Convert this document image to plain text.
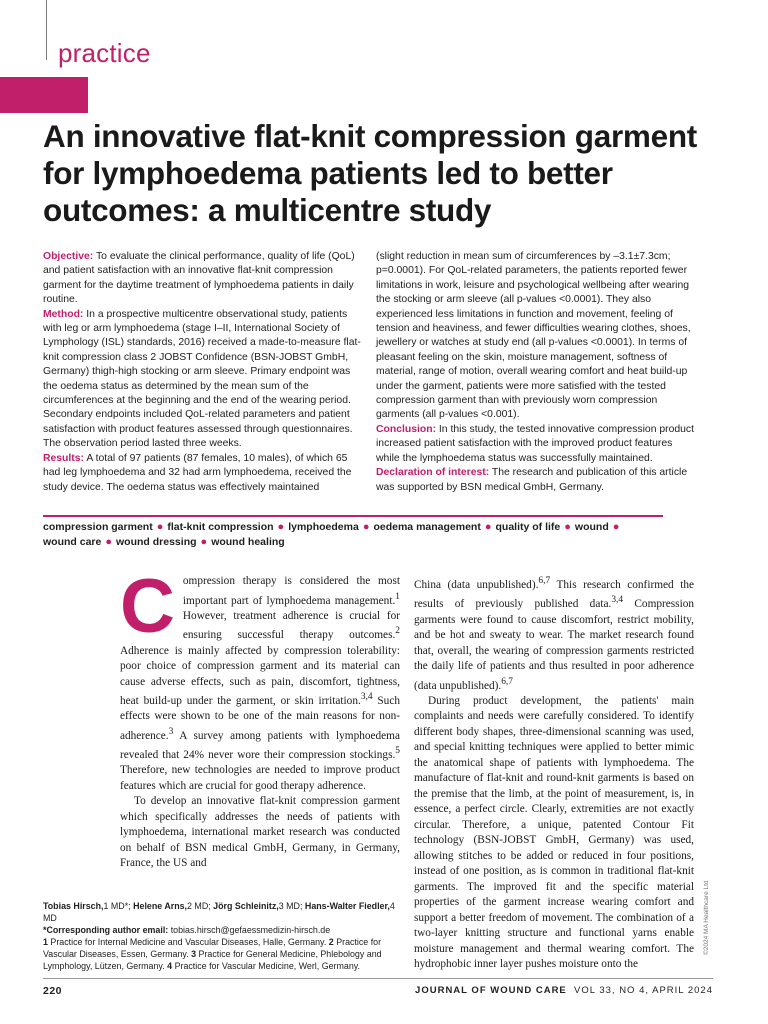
practice
An innovative flat-knit compression garment for lymphoedema patients led to better outcomes: a multicentre study

Objective: To evaluate the clinical performance, quality of life (QoL) and patient satisfaction with an innovative flat-knit compression garment for the daytime treatment of lymphoedema patients in daily routine.

Method: In a prospective multicentre observational study, patients with leg or arm lymphoedema (stage I–II, International Society of Lymphology (ISL) standards, 2016) received a made-to-measure flat-knit compression class 2 JOBST Confidence (BSN-JOBST GmbH, Germany) thigh-high stocking or arm sleeve. Primary endpoint was the oedema status as determined by the mean sum of the circumferences at the beginning and the end of the wearing period. Secondary endpoints included QoL-related parameters and patient satisfaction with product features assessed through questionnaires. The observation period lasted three weeks.

Results: A total of 97 patients (87 females, 10 males), of which 65 had leg lymphoedema and 32 had arm lymphoedema, received the study device. The oedema status was effectively maintained

(slight reduction in mean sum of circumferences by –3.1±7.3cm; p=0.0001). For QoL-related parameters, the patients reported fewer limitations in work, leisure and psychological wellbeing after wearing the stocking or arm sleeve (all p-values <0.0001). They also experienced less limitations in function and movement, feeling of tension and heaviness, and fewer difficulties wearing clothes, shoes, jewellery or watches at study end (all p-values <0.0001). In terms of pleasant feeling on the skin, moisture management, softness of material, range of motion, overall wearing comfort and heat build-up under the garment, patients were more satisfied with the tested compression garment than with previously worn compression garments (all p-values <0.001).

Conclusion: In this study, the tested innovative compression product increased patient satisfaction with the improved product features while the lymphoedema status was successfully maintained.

Declaration of interest: The research and publication of this article was supported by BSN medical GmbH, Germany.

compression garment ● flat-knit compression ● lymphoedema ● oedema management ● quality of life ● wound ●
wound care ● wound dressing ● wound healing

Compression therapy is considered the most important part of lymphoedema management.$^1$ However, treatment adherence is crucial for ensuring successful therapy outcomes.$^2$ Adherence is mainly affected by compression tolerability: poor choice of compression garment and its material can cause adverse effects, such as pain, discomfort, tightness, heat build-up under the garment, or skin irritation.$^{3,4}$ Such effects were shown to be one of the main reasons for non-adherence.$^3$ A survey among patients with lymphoedema revealed that 24% never wore their compression stockings.$^5$ Therefore, new technologies are needed to improve product features which are crucial for good therapy adherence.

To develop an innovative flat-knit compression garment which specifically addresses the needs of patients with lymphoedema, international market research was conducted on behalf of BSN medical GmbH, Germany, in Germany, France, the US and

China (data unpublished).$^{6,7}$ This research confirmed the results of previously published data.$^{3,4}$ Compression garments were found to cause discomfort, restrict mobility, and be hot and sweaty to wear. The market research found that, overall, the wearing of compression garments restricted the daily life of patients and thus resulted in poor adherence (data unpublished).$^{6,7}$

During product development, the patients' main complaints and needs were carefully considered. To identify different body shapes, three-dimensional scanning was used, and special knitting techniques were applied to better mimic the anatomical shape of patients with lymphoedema. The manufacture of flat-knit and round-knit garments is based on the premise that the limb, at the point of measurement, is, in essence, a perfect circle. Clearly, extremities are not exactly circular. Therefore, a unique, patented Contour Fit technology (BSN-JOBST GmbH, Germany) was used, allowing stitches to be added or reduced in four positions, instead of one position, as is common in traditional flat-knit garments. The improved fit and the specific material properties of the garment increase wearing comfort and support a better freedom of movement. The combination of a two-layer knitting structure and functional yarns enable moisture management and thermal wearing comfort. The hydrophobic inner layer pushes moisture onto the

Tobias Hirsch,1 MD*; Helene Arns,2 MD; Jörg Schleinitz,3 MD; Hans-Walter Fiedler,4 MD
*Corresponding author email: tobias.hirsch@gefaessmedizin-hirsch.de
1 Practice for Internal Medicine and Vascular Diseases, Halle, Germany. 2 Practice for Vascular Diseases, Essen, Germany. 3 Practice for General Medicine, Phlebology and Lymphology, Lützen, Germany. 4 Practice for Vascular Medicine, Werl, Germany.
220	JOURNAL OF WOUND CARE VOL 33, NO 4, APRIL 2024
©2024 MA Healthcare Ltd
